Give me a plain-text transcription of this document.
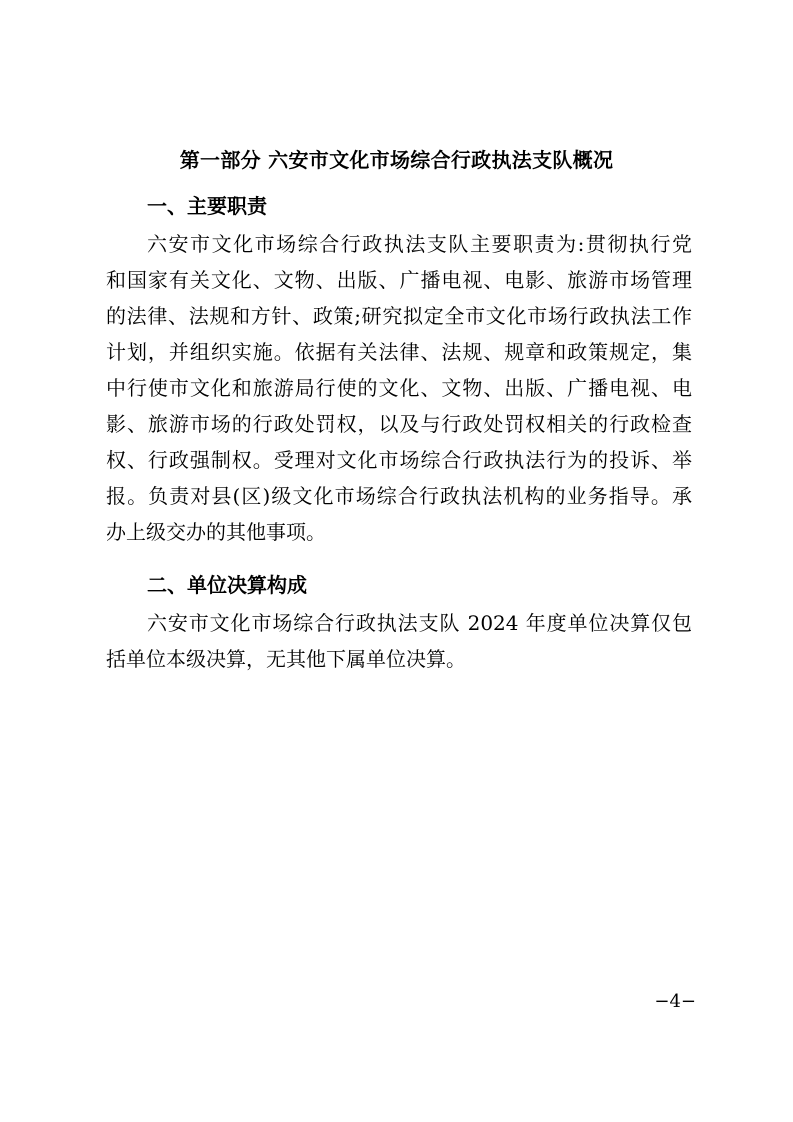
第一部分 六安市文化市场综合行政执法支队概况
一、主要职责
六安市文化市场综合行政执法支队主要职责为:贯彻执行党
和国家有关文化、文物、出版、广播电视、电影、旅游市场管理
的法律、法规和方针、政策;研究拟定全市文化市场行政执法工作
计划，并组织实施。依据有关法律、法规、规章和政策规定，集
中行使市文化和旅游局行使的文化、文物、出版、广播电视、电
影、旅游市场的行政处罚权，以及与行政处罚权相关的行政检查
权、行政强制权。受理对文化市场综合行政执法行为的投诉、举
报。负责对县(区)级文化市场综合行政执法机构的业务指导。承
办上级交办的其他事项。
二、单位决算构成
六安市文化市场综合行政执法支队 2024 年度单位决算仅包
括单位本级决算，无其他下属单位决算。
−4−
